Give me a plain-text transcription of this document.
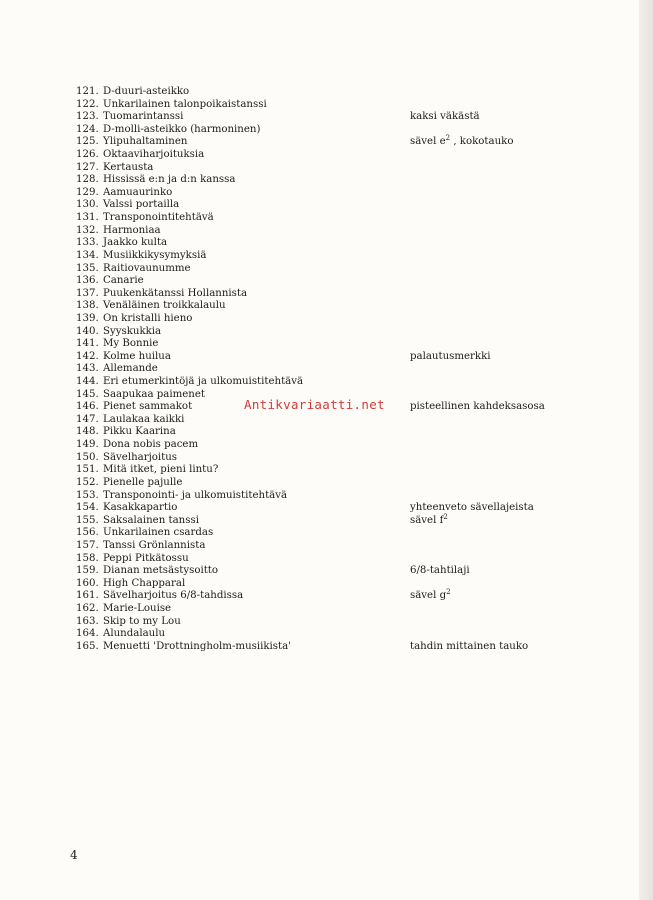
121. D-duuri-asteikko
122. Unkarilainen talonpoikaistanssi
123. Tuomarintanssi	kaksi väkästä
124. D-molli-asteikko (harmoninen)
125. Ylipuhaltaminen	sävel $e^2$ , kokotauko
126. Oktaaviharjoituksia
127. Kertausta
128. Hississä e:n ja d:n kanssa
129. Aamuaurinko
130. Valssi portailla
131. Transponointitehtävä
132. Harmoniaa
133. Jaakko kulta
134. Musiikkikysymyksiä
135. Raitiovaunumme
136. Canarie
137. Puukenkätanssi Hollannista
138. Venäläinen troikkalaulu
139. On kristalli hieno
140. Syyskukkia
141. My Bonnie
142. Kolme huilua	palautusmerkki
143. Allemande
144. Eri etumerkintöjä ja ulkomuistitehtävä
145. Saapukaa paimenet
146. Pienet sammakot	pisteellinen kahdeksasosa
147. Laulakaa kaikki
148. Pikku Kaarina
149. Dona nobis pacem
150. Sävelharjoitus
151. Mitä itket, pieni lintu?
152. Pienelle pajulle
153. Transponointi- ja ulkomuistitehtävä
154. Kasakkapartio	yhteenveto sävellajeista
155. Saksalainen tanssi	sävel $f^2$
156. Unkarilainen csardas
157. Tanssi Grönlannista
158. Peppi Pitkätossu
159. Dianan metsästysoitto	6/8-tahtilaji
160. High Chapparal
161. Sävelharjoitus 6/8-tahdissa	sävel $g^2$
162. Marie-Louise
163. Skip to my Lou
164. Alundalaulu
165. Menuetti 'Drottningholm-musiikista'	tahdin mittainen tauko
Antikvariaatti.net
4
